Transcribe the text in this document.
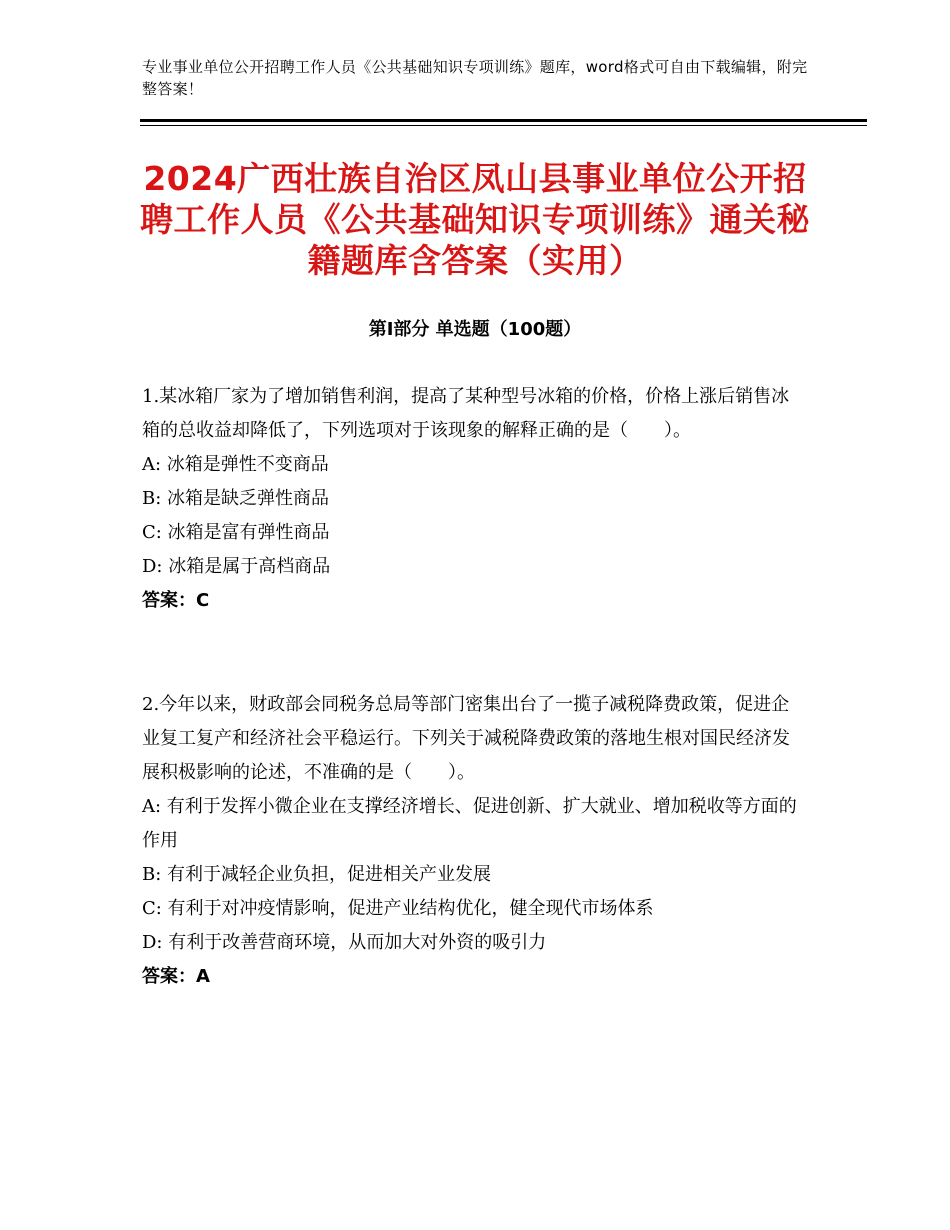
专业事业单位公开招聘工作人员《公共基础知识专项训练》题库，word格式可自由下载编辑，附完整答案！
2024广西壮族自治区凤山县事业单位公开招聘工作人员《公共基础知识专项训练》通关秘籍题库含答案（实用）
第Ⅰ部分 单选题（100题）
1.某冰箱厂家为了增加销售利润，提高了某种型号冰箱的价格，价格上涨后销售冰箱的总收益却降低了，下列选项对于该现象的解释正确的是（　　）。
A: 冰箱是弹性不变商品
B: 冰箱是缺乏弹性商品
C: 冰箱是富有弹性商品
D: 冰箱是属于高档商品
答案：C
2.今年以来，财政部会同税务总局等部门密集出台了一揽子减税降费政策，促进企业复工复产和经济社会平稳运行。下列关于减税降费政策的落地生根对国民经济发展积极影响的论述，不准确的是（　　）。
A: 有利于发挥小微企业在支撑经济增长、促进创新、扩大就业、增加税收等方面的作用
B: 有利于减轻企业负担，促进相关产业发展
C: 有利于对冲疫情影响，促进产业结构优化，健全现代市场体系
D: 有利于改善营商环境，从而加大对外资的吸引力
答案：A
